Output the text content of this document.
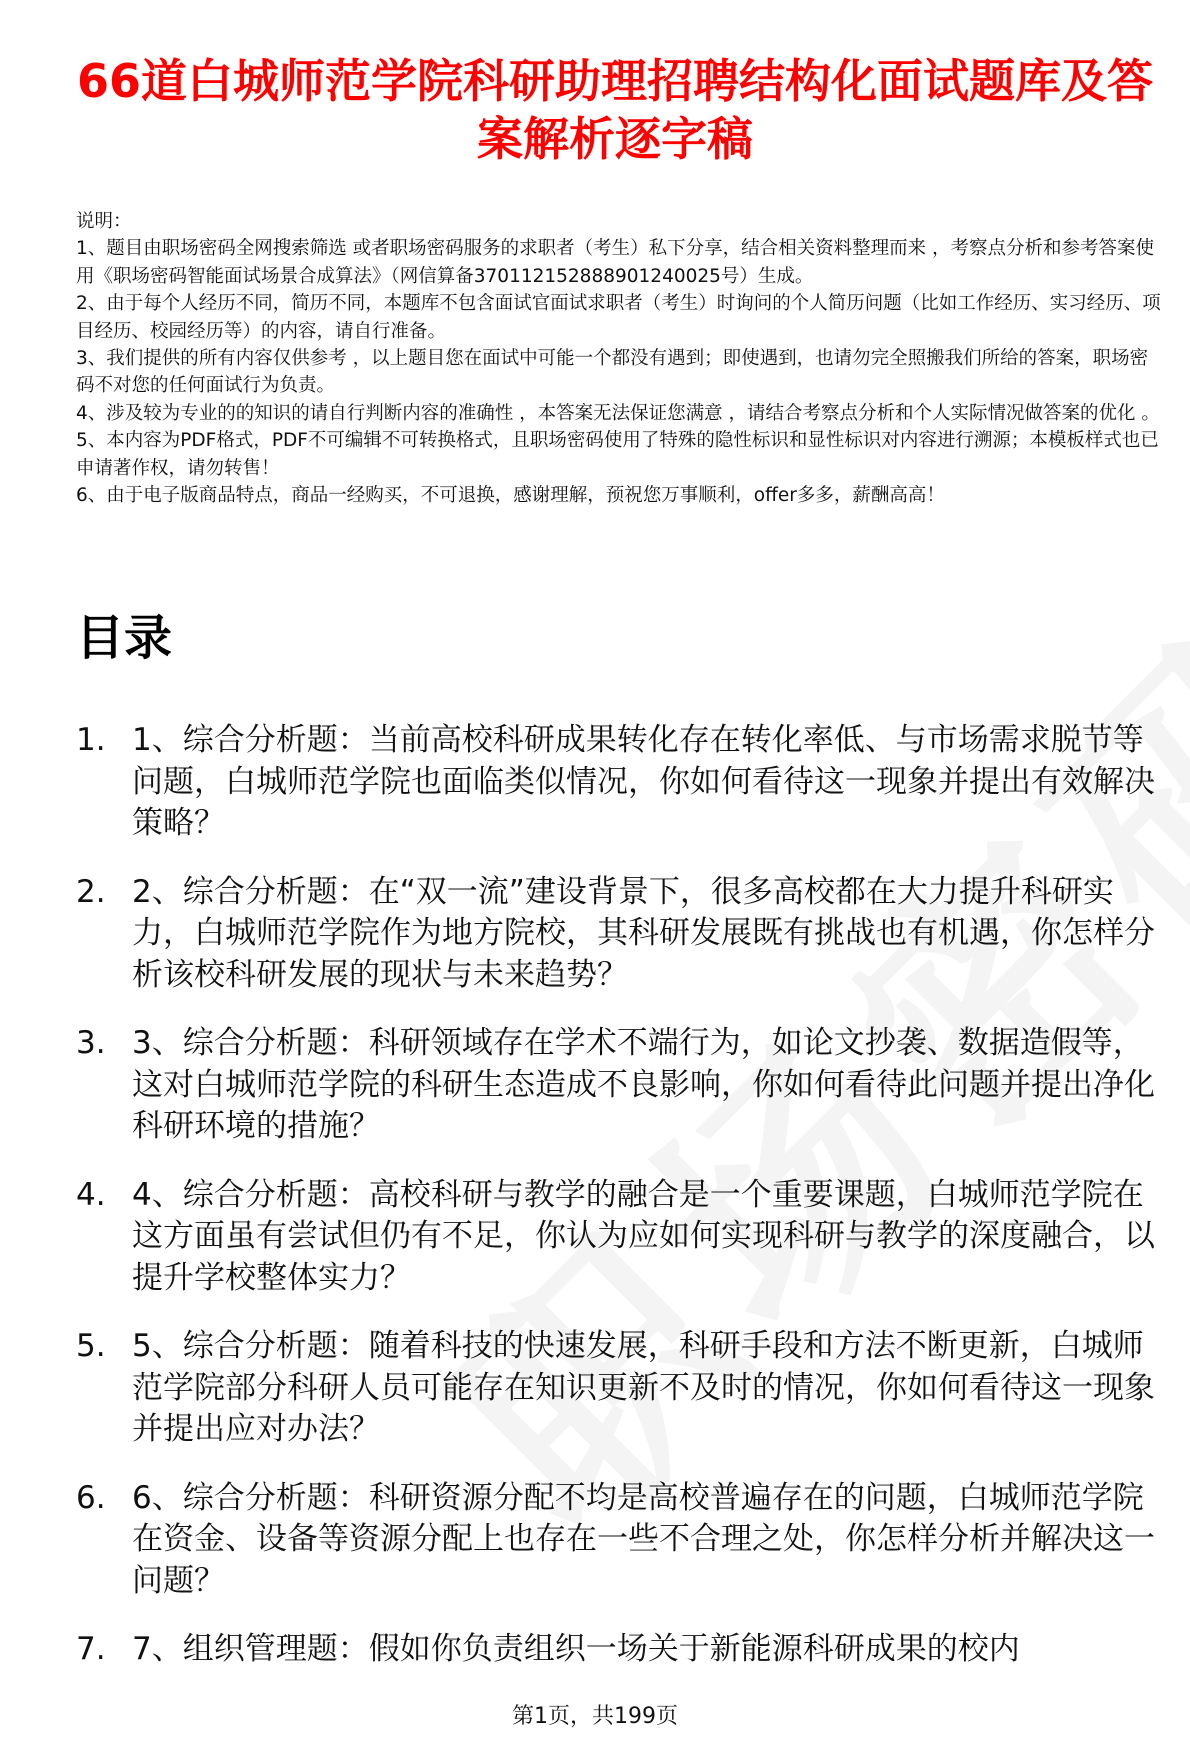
66道白城师范学院科研助理招聘结构化面试题库及答案解析逐字稿

说明：

1、题目由职场密码全网搜索筛选 或者职场密码服务的求职者（考生）私下分享，结合相关资料整理而来 ，考察点分析和参考答案使用《职场密码智能面试场景合成算法》（网信算备370112152888901240025号）生成。

2、由于每个人经历不同，简历不同，本题库不包含面试官面试求职者（考生）时询问的个人简历问题（比如工作经历、实习经历、项目经历、校园经历等）的内容，请自行准备。

3、我们提供的所有内容仅供参考 ，以上题目您在面试中可能一个都没有遇到；即使遇到，也请勿完全照搬我们所给的答案，职场密码不对您的任何面试行为负责。

4、涉及较为专业的的知识的请自行判断内容的准确性 ，本答案无法保证您满意 ，请结合考察点分析和个人实际情况做答案的优化 。

5、本内容为PDF格式，PDF不可编辑不可转换格式，且职场密码使用了特殊的隐性标识和显性标识对内容进行溯源；本模板样式也已申请著作权，请勿转售！

6、由于电子版商品特点，商品一经购买，不可退换，感谢理解，预祝您万事顺利，offer多多，薪酬高高！

目录
1. 1、综合分析题：当前高校科研成果转化存在转化率低、与市场需求脱节等问题，白城师范学院也面临类似情况，你如何看待这一现象并提出有效解决策略？
2. 2、综合分析题：在“双一流”建设背景下，很多高校都在大力提升科研实力，白城师范学院作为地方院校，其科研发展既有挑战也有机遇，你怎样分析该校科研发展的现状与未来趋势？
3. 3、综合分析题：科研领域存在学术不端行为，如论文抄袭、数据造假等，这对白城师范学院的科研生态造成不良影响，你如何看待此问题并提出净化科研环境的措施？
4. 4、综合分析题：高校科研与教学的融合是一个重要课题，白城师范学院在这方面虽有尝试但仍有不足，你认为应如何实现科研与教学的深度融合，以提升学校整体实力？
5. 5、综合分析题：随着科技的快速发展，科研手段和方法不断更新，白城师范学院部分科研人员可能存在知识更新不及时的情况，你如何看待这一现象并提出应对办法？
6. 6、综合分析题：科研资源分配不均是高校普遍存在的问题，白城师范学院在资金、设备等资源分配上也存在一些不合理之处，你怎样分析并解决这一问题？
7. 7、组织管理题：假如你负责组织一场关于新能源科研成果的校内
第1页，共199页
